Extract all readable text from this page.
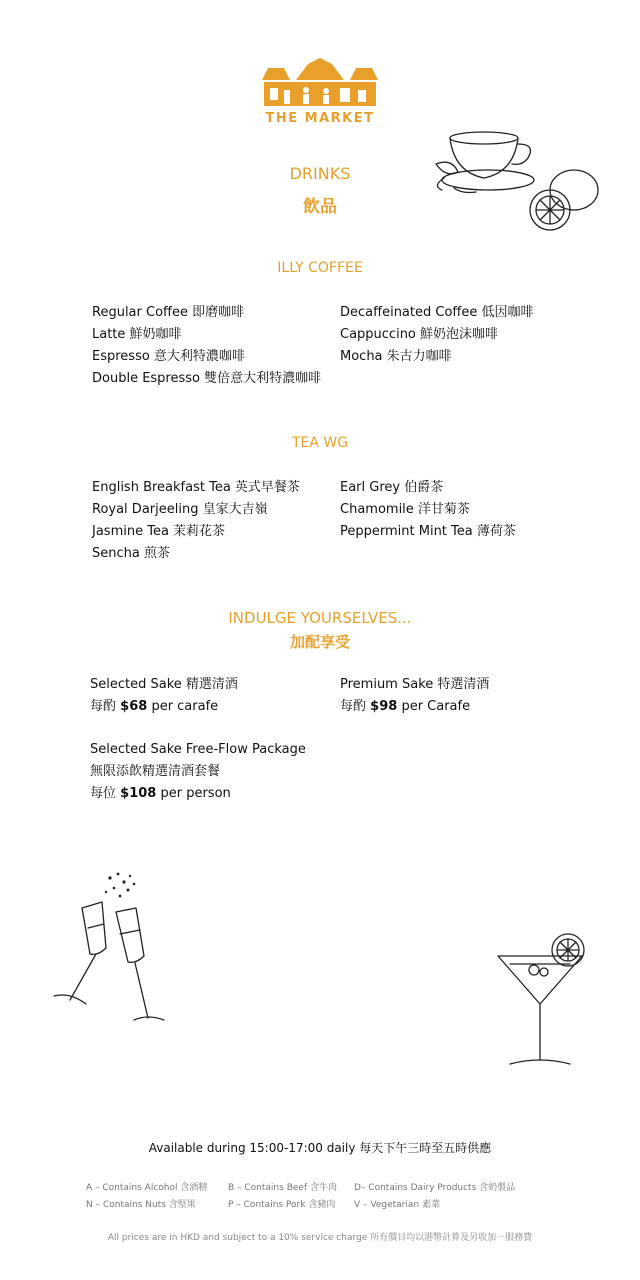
THE MARKET
DRINKS
飲品
ILLY COFFEE
Regular Coffee 即磨咖啡
Latte 鮮奶咖啡
Espresso 意大利特濃咖啡
Double Espresso 雙倍意大利特濃咖啡
Decaffeinated Coffee 低因咖啡
Cappuccino 鮮奶泡沫咖啡
Mocha 朱古力咖啡
TEA WG
English Breakfast Tea 英式早餐茶
Royal Darjeeling 皇家大吉嶺
Jasmine Tea 茉莉花茶
Sencha 煎茶
Earl Grey 伯爵茶
Chamomile 洋甘菊茶
Peppermint Mint Tea 薄荷茶
INDULGE YOURSELVES...
加配享受
Selected Sake 精選清酒
每酌 $68 per carafe
Premium Sake 特選清酒
每酌 $98 per Carafe
Selected Sake Free-Flow Package
無限添飲精選清酒套餐
每位 $108 per person
Available during 15:00-17:00 daily 每天下午三時至五時供應
A – Contains Alcohol 含酒精 B – Contains Beef 含牛肉 D– Contains Dairy Products 含奶製品
N – Contains Nuts 含堅果	P – Contains Pork 含豬肉 V – Vegetarian 素菜
All prices are in HKD and subject to a 10% service charge 所有價目均以港幣計算及另收加一服務費
